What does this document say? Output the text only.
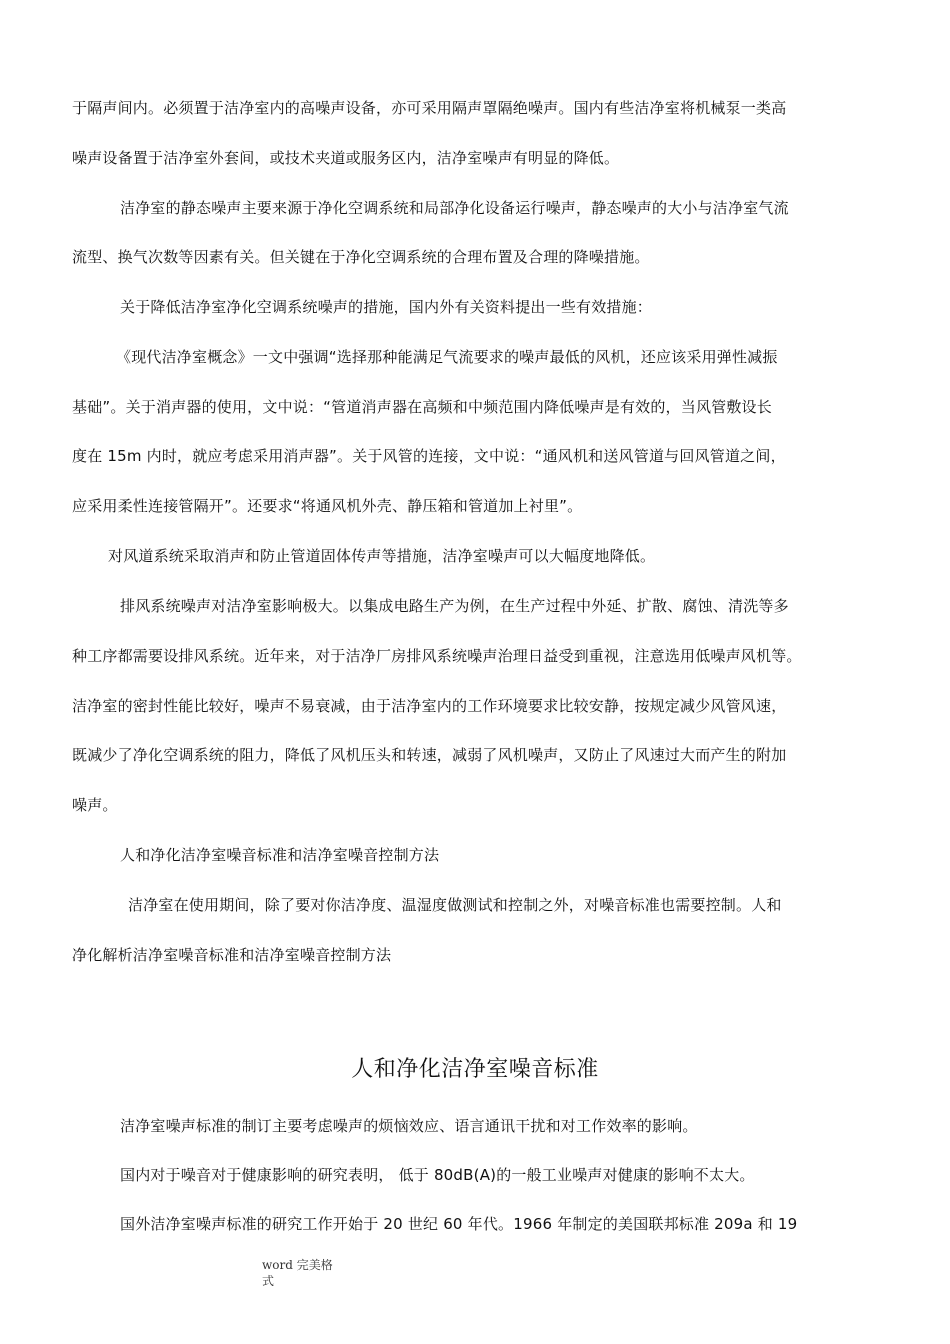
于隔声间内。必须置于洁净室内的高噪声设备，亦可采用隔声罩隔绝噪声。国内有些洁净室将机械泵一类高
噪声设备置于洁净室外套间，或技术夹道或服务区内，洁净室噪声有明显的降低。
洁净室的静态噪声主要来源于净化空调系统和局部净化设备运行噪声，静态噪声的大小与洁净室气流
流型、换气次数等因素有关。但关键在于净化空调系统的合理布置及合理的降噪措施。
关于降低洁净室净化空调系统噪声的措施，国内外有关资料提出一些有效措施：
《现代洁净室概念》一文中强调“选择那种能满足气流要求的噪声最低的风机，还应该采用弹性减振
基础”。关于消声器的使用，文中说：“管道消声器在高频和中频范围内降低噪声是有效的，当风管敷设长
度在 15m 内时，就应考虑采用消声器”。关于风管的连接，文中说：“通风机和送风管道与回风管道之间，
应采用柔性连接管隔开”。还要求“将通风机外壳、静压箱和管道加上衬里”。
对风道系统采取消声和防止管道固体传声等措施，洁净室噪声可以大幅度地降低。
排风系统噪声对洁净室影响极大。以集成电路生产为例，在生产过程中外延、扩散、腐蚀、清洗等多
种工序都需要设排风系统。近年来，对于洁净厂房排风系统噪声治理日益受到重视，注意选用低噪声风机等。
洁净室的密封性能比较好，噪声不易衰减，由于洁净室内的工作环境要求比较安静，按规定减少风管风速，
既减少了净化空调系统的阻力，降低了风机压头和转速，减弱了风机噪声，又防止了风速过大而产生的附加
噪声。
人和净化洁净室噪音标准和洁净室噪音控制方法
洁净室在使用期间，除了要对你洁净度、温湿度做测试和控制之外，对噪音标准也需要控制。人和
净化解析洁净室噪音标准和洁净室噪音控制方法
人和净化洁净室噪音标准
洁净室噪声标准的制订主要考虑噪声的烦恼效应、语言通讯干扰和对工作效率的影响。
国内对于噪音对于健康影响的研究表明， 低于 80dB(A)的一般工业噪声对健康的影响不太大。
国外洁净室噪声标准的研究工作开始于 20 世纪 60 年代。1966 年制定的美国联邦标准 209a 和 19
word 完美格
式
